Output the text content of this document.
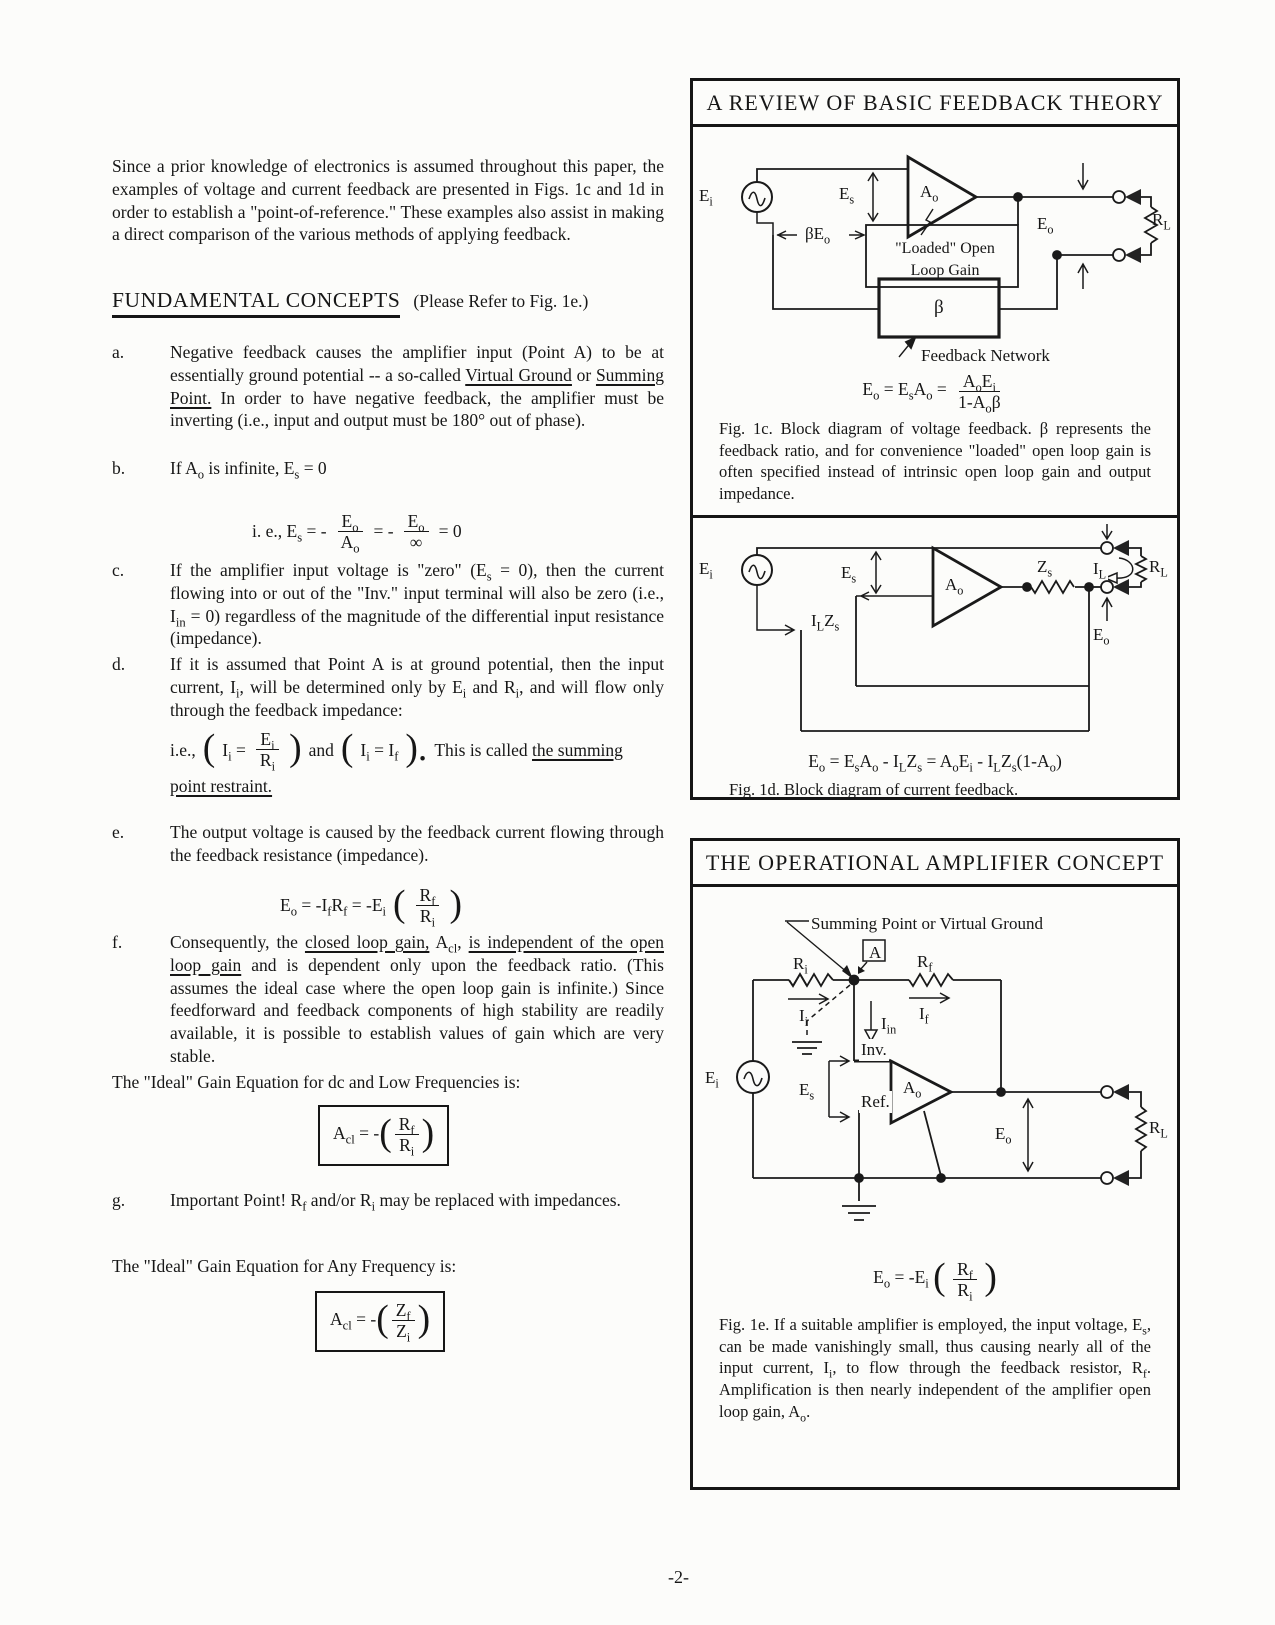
Since a prior knowledge of electronics is assumed throughout this paper, the examples of voltage and current feedback are presented in Figs. 1c and 1d in order to establish a "point-of-reference." These examples also assist in making a direct comparison of the various methods of applying feedback.

FUNDAMENTAL CONCEPTS (Please Refer to Fig. 1e.)
a.	Negative feedback causes the amplifier input (Point A) to be at essentially ground potential -- a so-called Virtual Ground or Summing Point. In order to have negative feedback, the amplifier must be inverting (i.e., input and output must be 180° out of phase).
b.	If $A_o$ is infinite, $E_s = 0$
i. e., $E_s$ = - $\frac{E_o}{A_o}$ = -
$E_o$
∞
= 0
c.	If the amplifier input voltage is "zero" $(E_s = 0)$, then the current flowing into or out of the "Inv." input terminal will also be zero (i.e., $I_{in} = 0$) regardless of the magnitude of the differential input resistance (impedance).
d.	If it is assumed that Point A is at ground potential, then the input current, $I_i$, will be determined only by $E_i$ and $R_i$, and will flow only through the feedback impedance:
i.e., ( $I_i = \frac{E_i}{R_i}$ ) and ( $I_i = I_f$ ). This is called the summing
point restraint.
e.	The output voltage is caused by the feedback current flowing through the feedback resistance (impedance).
$E_o = -I_fR_f = -E_i$ ( $\frac{R_f}{R_i}$ )
f.	Consequently, the closed loop gain, $A_{cl}$, is independent of the open loop gain and is dependent only upon the feedback ratio. (This assumes the ideal case where the open loop gain is infinite.) Since feedforward and feedback components of high stability are readily available, it is possible to establish values of gain which are very stable.
The "Ideal" Gain Equation for dc and Low Frequencies is:
$A_{cl}$ = -( $\frac{R_f}{R_i}$ )
g.	Important Point! $R_f$ and/or $R_i$ may be replaced with impedances.
The "Ideal" Gain Equation for Any Frequency is:
$A_{cl}$ = -( $\frac{Z_f}{Z_i}$ )
A REVIEW OF BASIC FEEDBACK THEORY
$E_i$	$E_s$	$A_o$
$\beta E_o$
"Loaded" Open
Loop Gain
β
Feedback Network
$E_o$
$R_L$
$E_o = E_sA_o = A_oE_i$
$1-A_o\beta$

Fig. 1c. Block diagram of voltage feedback. β represents the feedback ratio, and for convenience "loaded" open loop gain is often specified instead of intrinsic open loop gain and output impedance.

$E_i$	$E_s$	$A_o$
$Z_s$
$I_LZ_s$
$I_L$	$R_L$
$E_o$
$E_o = E_sA_o - I_LZ_s = A_oE_i - I_LZ_s(1-A_o)$

Fig. 1d. Block diagram of current feedback.

THE OPERATIONAL AMPLIFIER CONCEPT
Summing Point or Virtual Ground
A
$R_i$	$R_f$
$I_i$	$I_f$
$I_{in}$
Inv.
$E_i$	$E_s$	Ref.
$A_o$
$E_o$
$R_L$
$E_o = -E_i$ ( $\frac{R_f}{R_i}$ )

Fig. 1e. If a suitable amplifier is employed, the input voltage, $E_s$, can be made vanishingly small, thus causing nearly all of the input current, $I_i$, to flow through the feedback resistor, $R_f$. Amplification is then nearly independent of the amplifier open loop gain, $A_o$.

-2-
